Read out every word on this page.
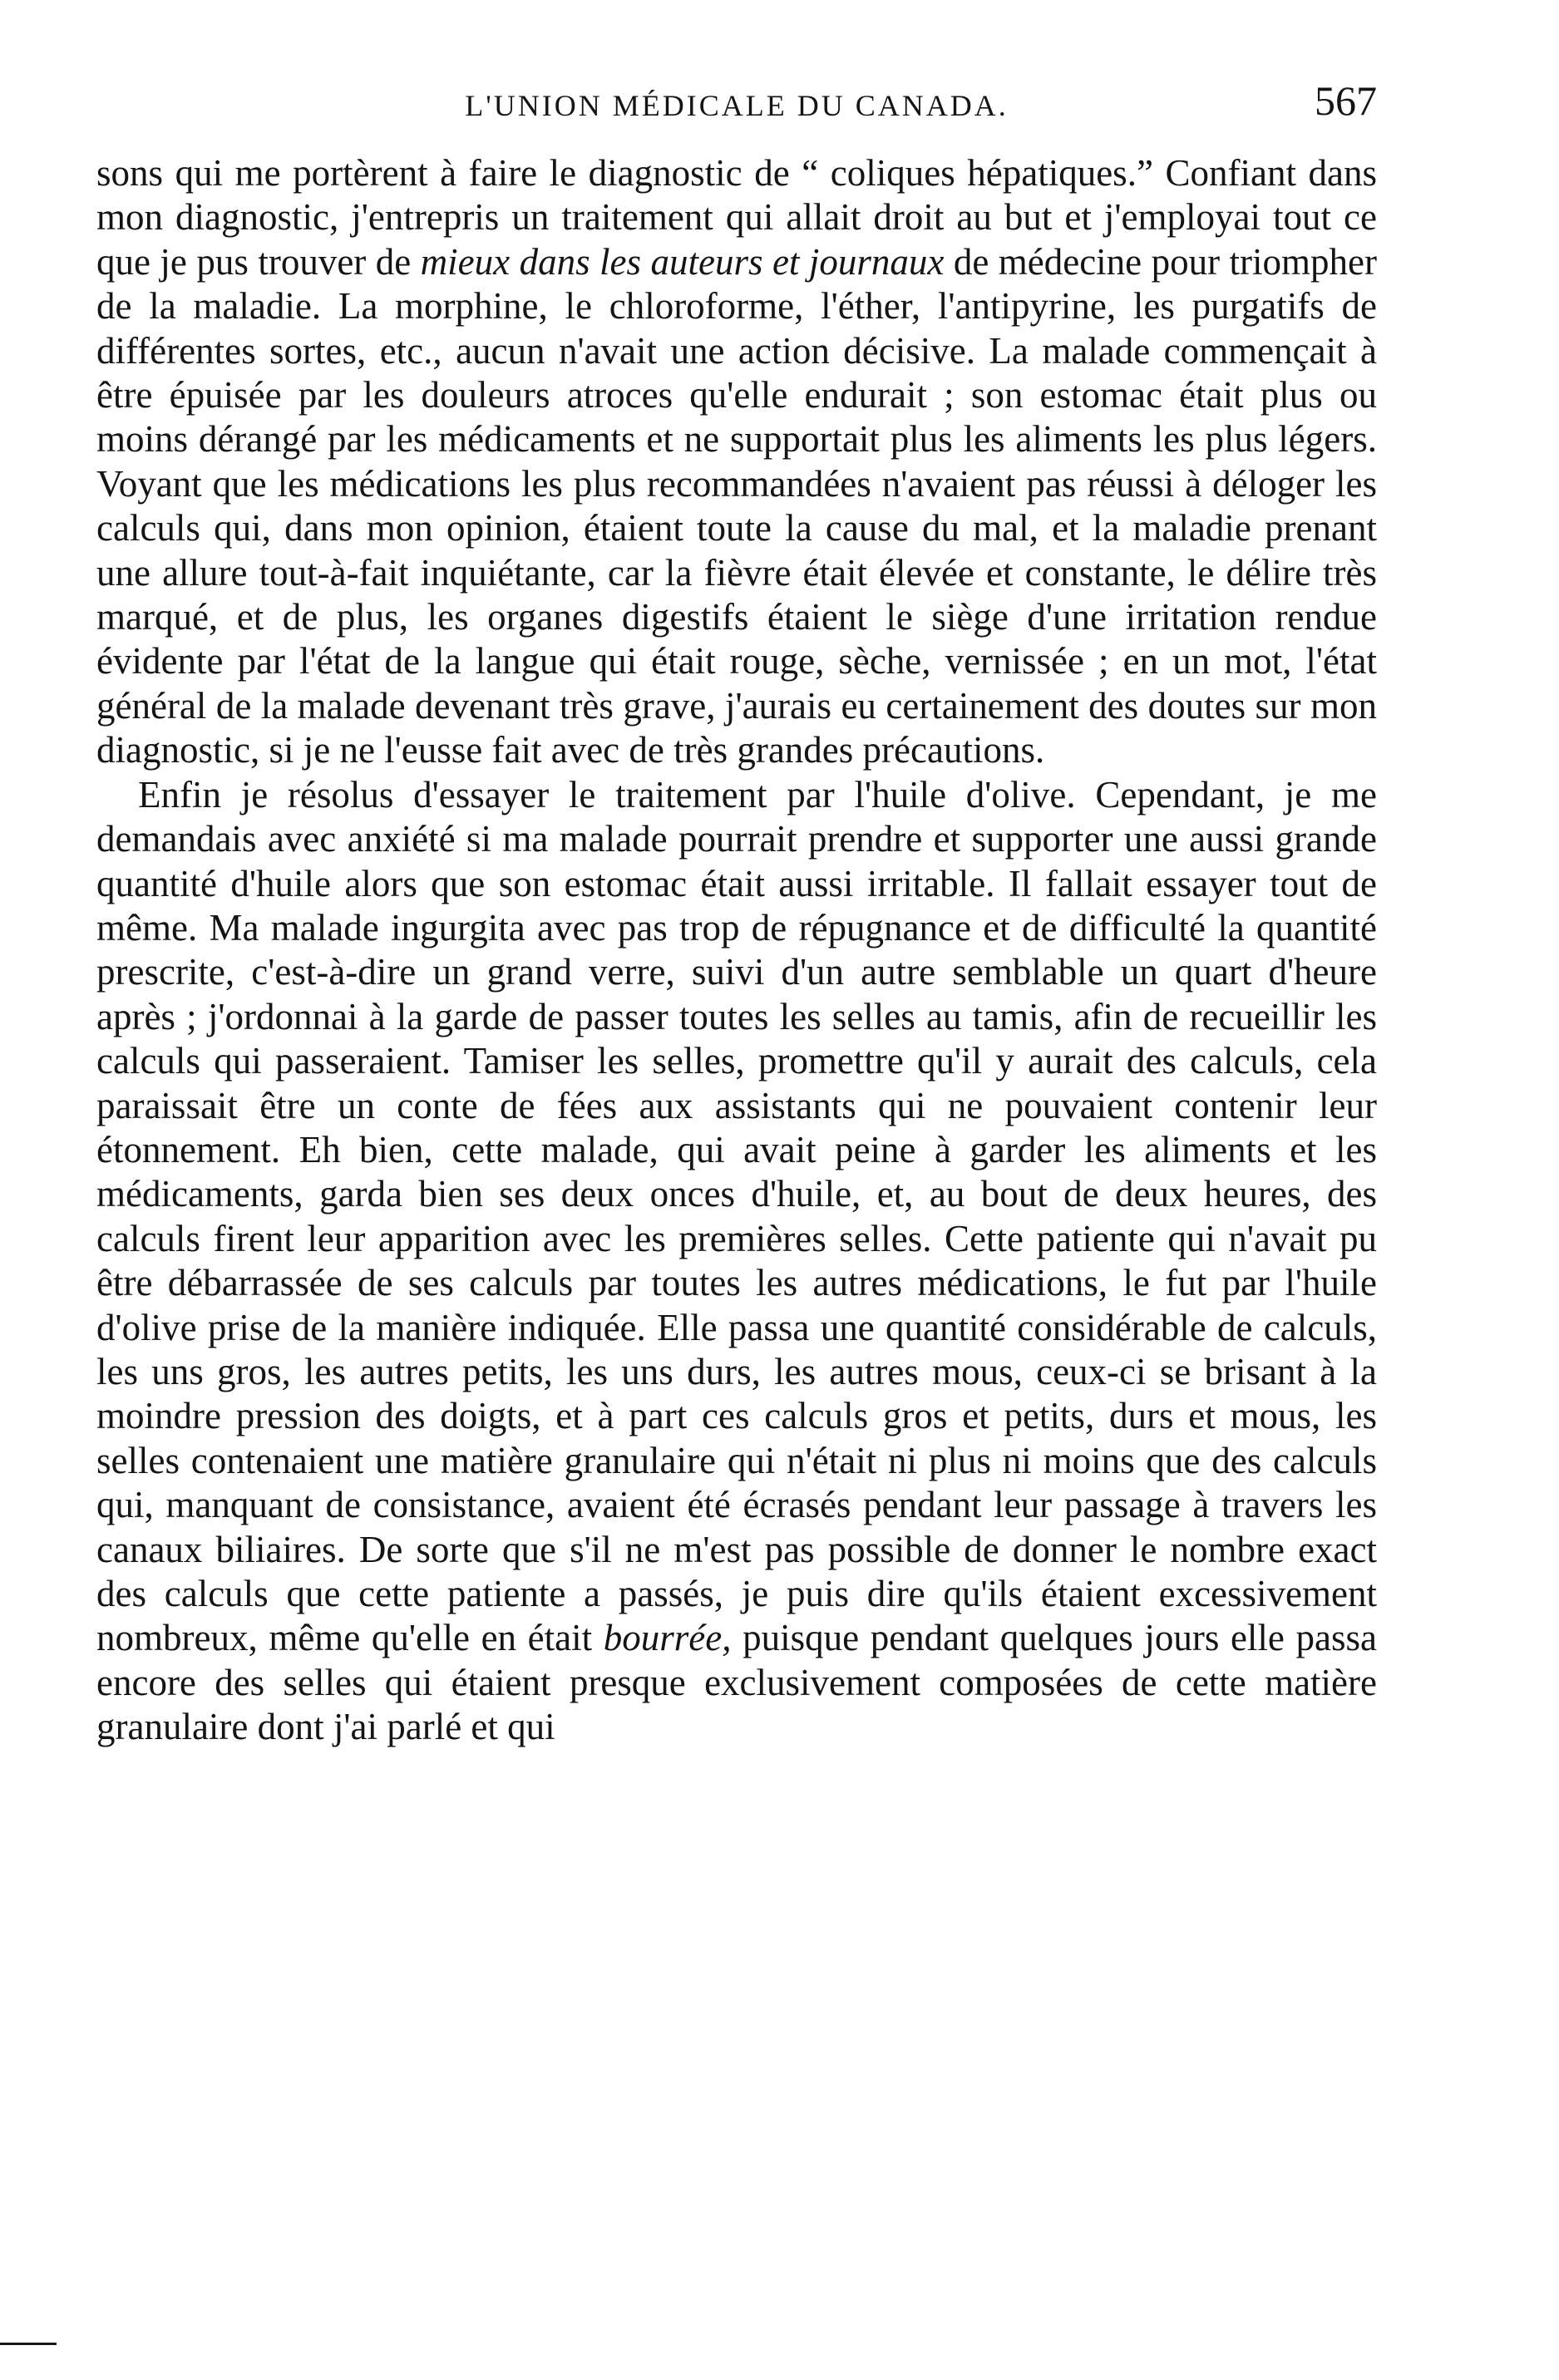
L'UNION MÉDICALE DU CANADA.	567

sons qui me portèrent à faire le diagnostic de “ coliques hépatiques.” Confiant dans mon diagnostic, j'entrepris un traitement qui allait droit au but et j'employai tout ce que je pus trouver de mieux dans les auteurs et journaux de médecine pour triompher de la maladie. La morphine, le chloroforme, l'éther, l'antipyrine, les purgatifs de différentes sortes, etc., aucun n'avait une action décisive. La malade commençait à être épuisée par les douleurs atroces qu'elle endurait ; son estomac était plus ou moins dérangé par les médicaments et ne supportait plus les aliments les plus légers. Voyant que les médications les plus recommandées n'avaient pas réussi à déloger les calculs qui, dans mon opinion, étaient toute la cause du mal, et la maladie prenant une allure tout-à-fait inquiétante, car la fièvre était élevée et constante, le délire très marqué, et de plus, les organes digestifs étaient le siège d'une irritation rendue évidente par l'état de la langue qui était rouge, sèche, vernissée ; en un mot, l'état général de la malade devenant très grave, j'aurais eu certainement des doutes sur mon diagnostic, si je ne l'eusse fait avec de très grandes précautions.

Enfin je résolus d'essayer le traitement par l'huile d'olive. Cependant, je me demandais avec anxiété si ma malade pourrait prendre et supporter une aussi grande quantité d'huile alors que son estomac était aussi irritable. Il fallait essayer tout de même. Ma malade ingurgita avec pas trop de répugnance et de difficulté la quantité prescrite, c'est-à-dire un grand verre, suivi d'un autre semblable un quart d'heure après ; j'ordonnai à la garde de passer toutes les selles au tamis, afin de recueillir les calculs qui passeraient. Tamiser les selles, promettre qu'il y aurait des calculs, cela paraissait être un conte de fées aux assistants qui ne pouvaient contenir leur étonnement. Eh bien, cette malade, qui avait peine à garder les aliments et les médicaments, garda bien ses deux onces d'huile, et, au bout de deux heures, des calculs firent leur apparition avec les premières selles. Cette patiente qui n'avait pu être débarrassée de ses calculs par toutes les autres médications, le fut par l'huile d'olive prise de la manière indiquée. Elle passa une quantité considérable de calculs, les uns gros, les autres petits, les uns durs, les autres mous, ceux-ci se brisant à la moindre pression des doigts, et à part ces calculs gros et petits, durs et mous, les selles contenaient une matière granulaire qui n'était ni plus ni moins que des calculs qui, manquant de consistance, avaient été écrasés pendant leur passage à travers les canaux biliaires. De sorte que s'il ne m'est pas possible de donner le nombre exact des calculs que cette patiente a passés, je puis dire qu'ils étaient excessivement nombreux, même qu'elle en était bourrée, puisque pendant quelques jours elle passa encore des selles qui étaient presque exclusivement composées de cette matière granulaire dont j'ai parlé et qui
